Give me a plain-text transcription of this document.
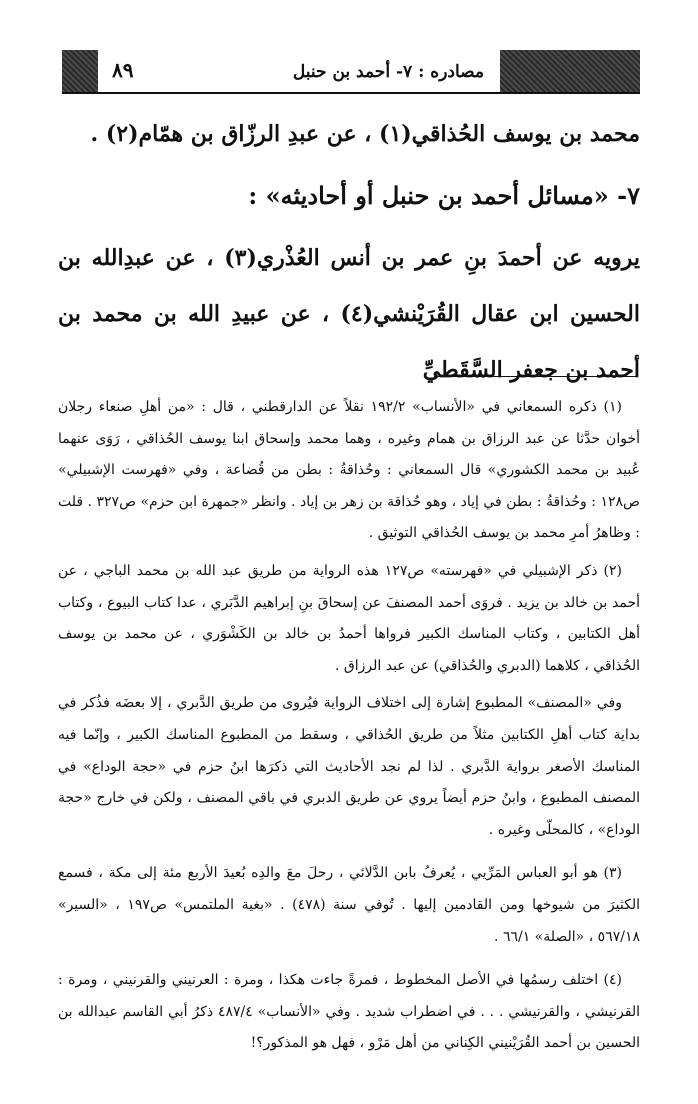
مصادره : ٧- أحمد بن حنبل
٨٩

محمد بن يوسف الحُذاقي(١) ، عن عبدِ الرزّاق بن همّام(٢) .

٧- «مسائل أحمد بن حنبل أو أحاديثه» :

يرويه عن أحمدَ بنِ عمر بن أنس العُذْري(٣) ، عن عبدِالله بن الحسين ابن عقال القُرَيْنشي(٤) ، عن عبيدِ الله بن محمد بن أحمد بن جعفر السَّقَطيِّ

(١) ذكره السمعاني في «الأنساب» ١٩٢/٢ نقلاً عن الدارقطني ، قال : «من أهلِ صنعاء رجلان أخوان حدَّثا عن عبد الرزاق بن همام وغيره ، وهما محمد وإسحاق ابنا يوسف الحُذاقي ، رَوَى عنهما عُبيد بن محمد الكشوري» قال السمعاني : وحُذاقةُ : بطن من قُضاعة ، وفي «فهرست الإشبيلي» ص١٢٨ : وحُذاقةُ : بطن في إياد ، وهو حُذاقة بن زهر بن إياد . وانظر «جمهرة ابن حزم» ص٣٢٧ . قلت : وظاهرُ أمرِ محمد بن يوسف الحُذاقي التوثيق .

(٢) ذكر الإشبيلي في «فهرسته» ص١٢٧ هذه الرواية من طريق عبد الله بن محمد الباجي ، عن أحمد بن خالد بن يزيد . فروَى أحمد المصنفَ عن إسحاقَ بنِ إبراهيم الدَّبَري ، عدا كتاب البيوع ، وكتاب أهل الكتابين ، وكتاب المناسك الكبير فرواها أحمدُ بن خالد بن الكَشْوَري ، عن محمد بن يوسف الحُذاقي ، كلاهما (الدبري والحُذاقي) عن عبد الرزاق .

وفي «المصنف» المطبوع إشارة إلى اختلاف الرواية فيُروى من طريق الدَّبري ، إلا بعضَه فذُكر في بداية كتاب أهلِ الكتابين مثلاً من طريق الحُذاقي ، وسقط من المطبوع المناسك الكبير ، وإنّما فيه المناسك الأصغر برواية الدَّبري . لذا لم نجد الأحاديث التي ذكرَها ابنُ حزم في «حجة الوداع» في المصنف المطبوع ، وابنُ حزم أيضاً يروي عن طريق الدبري في باقي المصنف ، ولكن في خارج «حجة الوداع» ، كالمحلّى وغيره .

(٣) هو أبو العباس المَرِّيي ، يُعرفُ بابن الدَّلائي ، رحلَ معَ والدِه بُعيدَ الأربع مئة إلى مكة ، فسمع الكثيرَ من شيوخها ومن القادمين إليها . تُوفي سنة (٤٧٨) . «بغية الملتمس» ص١٩٧ ، «السير» ٥٦٧/١٨ ، «الصلة» ٦٦/١ .

(٤) اختلف رسمُها في الأصل المخطوط ، فمرةً جاءت هكذا ، ومرة : العرنيني والقرنيني ، ومرة : القرنيشي ، والقرنيشي . . . في اضطراب شديد . وفي «الأنساب» ٤٨٧/٤ ذكرُ أبي القاسم عبدالله بن الحسين بن أحمد القُرَيْنيني الكِناني من أهل مَرْو ، فهل هو المذكور؟!
